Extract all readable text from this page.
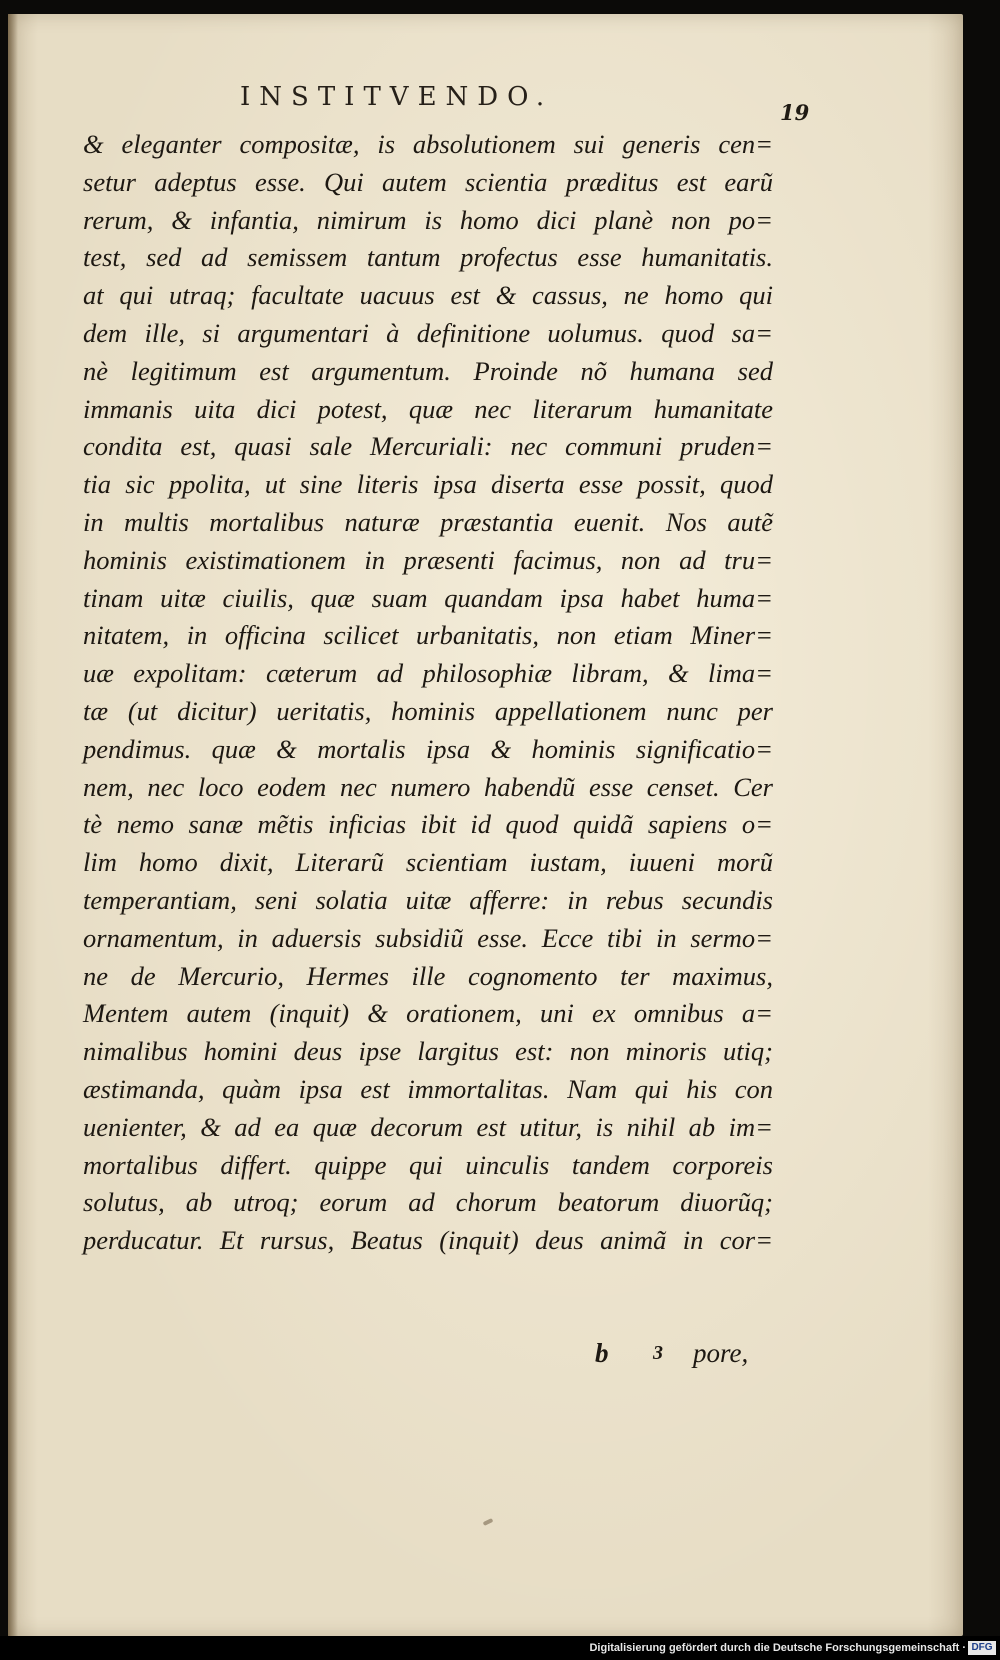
INSTITVENDO.
19
& eleganter compositæ, is absolutionem sui generis cen=
setur adeptus esse. Qui autem scientia præditus est earũ
rerum, & infantia, nimirum is homo dici planè non po=
test, sed ad semissem tantum profectus esse humanitatis.
at qui utraq; facultate uacuus est & cassus, ne homo qui
dem ille, si argumentari à definitione uolumus. quod sa=
nè legitimum est argumentum. Proinde nõ humana sed
immanis uita dici potest, quæ nec literarum humanitate
condita est, quasi sale Mercuriali: nec communi pruden=
tia sic ppolita, ut sine literis ipsa diserta esse possit, quod
in multis mortalibus naturæ præstantia euenit. Nos autẽ
hominis existimationem in præsenti facimus, non ad tru=
tinam uitæ ciuilis, quæ suam quandam ipsa habet huma=
nitatem, in officina scilicet urbanitatis, non etiam Miner=
uæ expolitam: cæterum ad philosophiæ libram, & lima=
tæ (ut dicitur) ueritatis, hominis appellationem nunc per
pendimus. quæ & mortalis ipsa & hominis significatio=
nem, nec loco eodem nec numero habendũ esse censet. Cer
tè nemo sanæ mẽtis inficias ibit id quod quidã sapiens o=
lim homo dixit, Literarũ scientiam iustam, iuueni morũ
temperantiam, seni solatia uitæ afferre: in rebus secundis
ornamentum, in aduersis subsidiũ esse. Ecce tibi in sermo=
ne de Mercurio, Hermes ille cognomento ter maximus,
Mentem autem (inquit) & orationem, uni ex omnibus a=
nimalibus homini deus ipse largitus est: non minoris utiq;
æstimanda, quàm ipsa est immortalitas. Nam qui his con
uenienter, & ad ea quæ decorum est utitur, is nihil ab im=
mortalibus differt. quippe qui uinculis tandem corporeis
solutus, ab utroq; eorum ad chorum beatorum diuorũq;
perducatur. Et rursus, Beatus (inquit) deus animã in cor=
b 3 pore,
Digitalisierung gefördert durch die Deutsche Forschungsgemeinschaft · DFG
